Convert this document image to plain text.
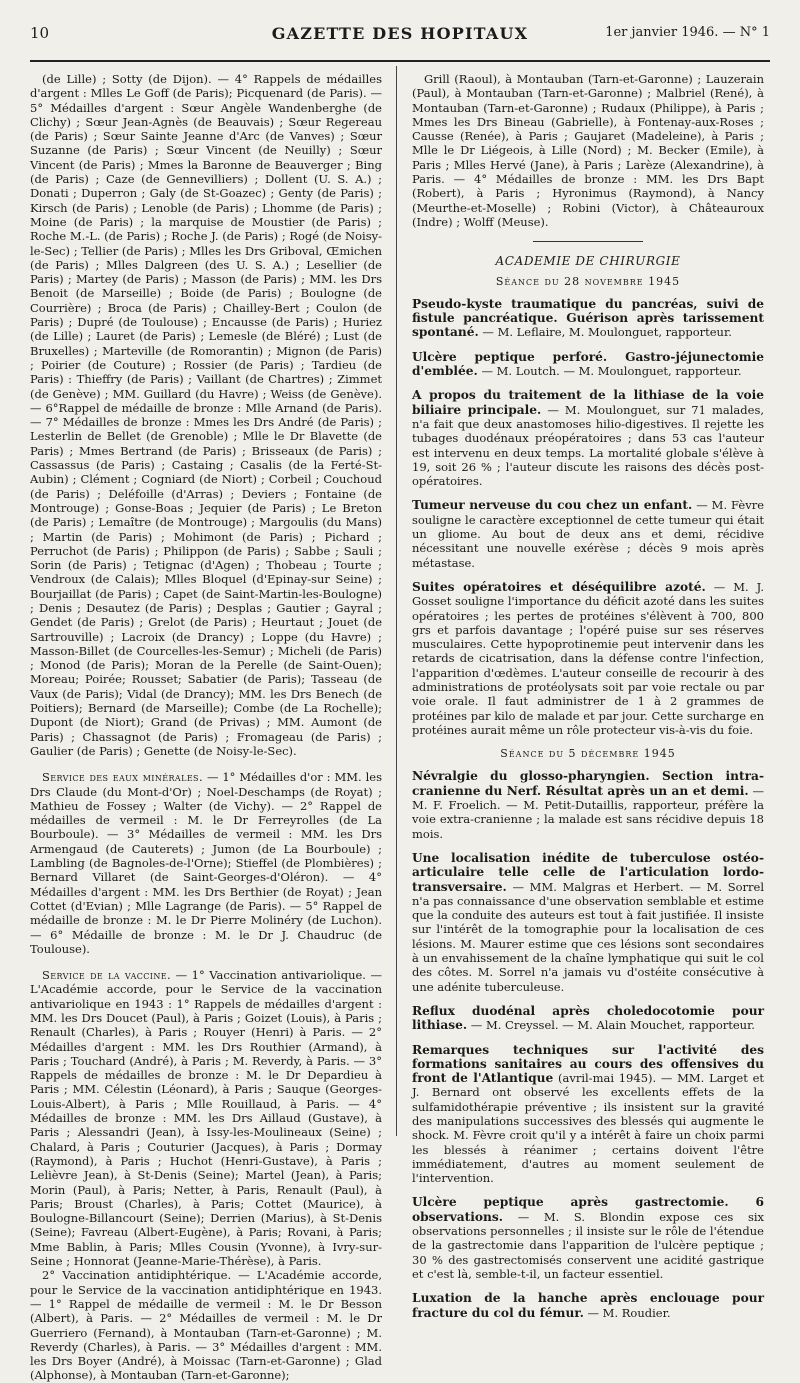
10	GAZETTE DES HOPITAUX	1er janvier 1946. — N° 1

(de Lille) ; Sotty (de Dijon). — 4° Rappels de médailles d'argent : Mlles Le Goff (de Paris); Picquenard (de Paris). — 5° Médailles d'argent : Sœur Angèle Wandenberghe (de Clichy) ; Sœur Jean-Agnès (de Beauvais) ; Sœur Regereau (de Paris) ; Sœur Sainte Jeanne d'Arc (de Vanves) ; Sœur Suzanne (de Paris) ; Sœur Vincent (de Neuilly) ; Sœur Vincent (de Paris) ; Mmes la Baronne de Beauverger ; Bing (de Paris) ; Caze (de Gennevilliers) ; Dollent (U. S. A.) ; Donati ; Duperron ; Galy (de St-Goazec) ; Genty (de Paris) ; Kirsch (de Paris) ; Lenoble (de Paris) ; Lhomme (de Paris) ; Moine (de Paris) ; la marquise de Moustier (de Paris) ; Roche M.-L. (de Paris) ; Roche J. (de Paris) ; Rogé (de Noisy-le-Sec) ; Tellier (de Paris) ; Mlles les Drs Griboval, Œmichen (de Paris) ; Mlles Dalgreen (des U. S. A.) ; Lesellier (de Paris) ; Martey (de Paris) ; Masson (de Paris) ; MM. les Drs Benoit (de Marseille) ; Boide (de Paris) ; Boulogne (de Courrière) ; Broca (de Paris) ; Chailley-Bert ; Coulon (de Paris) ; Dupré (de Toulouse) ; Encausse (de Paris) ; Huriez (de Lille) ; Lauret (de Paris) ; Lemesle (de Bléré) ; Lust (de Bruxelles) ; Marteville (de Romorantin) ; Mignon (de Paris) ; Poirier (de Couture) ; Rossier (de Paris) ; Tardieu (de Paris) : Thieffry (de Paris) ; Vaillant (de Chartres) ; Zimmet (de Genève) ; MM. Guillard (du Havre) ; Weiss (de Genève). — 6°Rappel de médaille de bronze : Mlle Arnand (de Paris). — 7° Médailles de bronze : Mmes les Drs André (de Paris) ; Lesterlin de Bellet (de Grenoble) ; Mlle le Dr Blavette (de Paris) ; Mmes Bertrand (de Paris) ; Brisseaux (de Paris) ; Cassassus (de Paris) ; Castaing ; Casalis (de la Ferté-St-Aubin) ; Clément ; Cogniard (de Niort) ; Corbeil ; Couchoud (de Paris) ; Deléfoille (d'Arras) ; Deviers ; Fontaine (de Montrouge) ; Gonse-Boas ; Jequier (de Paris) ; Le Breton (de Paris) ; Lemaître (de Montrouge) ; Margoulis (du Mans) ; Martin (de Paris) ; Mohimont (de Paris) ; Pichard ; Perruchot (de Paris) ; Philippon (de Paris) ; Sabbe ; Sauli ; Sorin (de Paris) ; Tetignac (d'Agen) ; Thobeau ; Tourte ; Vendroux (de Calais); Mlles Bloquel (d'Epinay-sur Seine) ; Bourjaillat (de Paris) ; Capet (de Saint-Martin-les-Boulogne) ; Denis ; Desautez (de Paris) ; Desplas ; Gautier ; Gayral ; Gendet (de Paris) ; Grelot (de Paris) ; Heurtaut ; Jouet (de Sartrouville) ; Lacroix (de Drancy) ; Loppe (du Havre) ; Masson-Billet (de Courcelles-les-Semur) ; Micheli (de Paris) ; Monod (de Paris); Moran de la Perelle (de Saint-Ouen); Moreau; Poirée; Rousset; Sabatier (de Paris); Tasseau (de Vaux (de Paris); Vidal (de Drancy); MM. les Drs Benech (de Poitiers); Bernard (de Marseille); Combe (de La Rochelle); Dupont (de Niort); Grand (de Privas) ; MM. Aumont (de Paris) ; Chassagnot (de Paris) ; Fromageau (de Paris) ; Gaulier (de Paris) ; Genette (de Noisy-le-Sec).

Service des eaux minérales. — 1° Médailles d'or : MM. les Drs Claude (du Mont-d'Or) ; Noel-Deschamps (de Royat) ; Mathieu de Fossey ; Walter (de Vichy). — 2° Rappel de médailles de vermeil : M. le Dr Ferreyrolles (de La Bourboule). — 3° Médailles de vermeil : MM. les Drs Armengaud (de Cauterets) ; Jumon (de La Bourboule) ; Lambling (de Bagnoles-de-l'Orne); Stieffel (de Plombières) ; Bernard Villaret (de Saint-Georges-d'Oléron). — 4° Médailles d'argent : MM. les Drs Berthier (de Royat) ; Jean Cottet (d'Evian) ; Mlle Lagrange (de Paris). — 5° Rappel de médaille de bronze : M. le Dr Pierre Molinéry (de Luchon). — 6° Médaille de bronze : M. le Dr J. Chaudruc (de Toulouse).

Service de la vaccine. — 1° Vaccination antivariolique. — L'Académie accorde, pour le Service de la vaccination antivariolique en 1943 : 1° Rappels de médailles d'argent : MM. les Drs Doucet (Paul), à Paris ; Goizet (Louis), à Paris ; Renault (Charles), à Paris ; Rouyer (Henri) à Paris. — 2° Médailles d'argent : MM. les Drs Routhier (Armand), à Paris ; Touchard (André), à Paris ; M. Reverdy, à Paris. — 3° Rappels de médailles de bronze : M. le Dr Depardieu à Paris ; MM. Célestin (Léonard), à Paris ; Sauque (Georges-Louis-Albert), à Paris ; Mlle Rouillaud, à Paris. — 4° Médailles de bronze : MM. les Drs Aillaud (Gustave), à Paris ; Alessandri (Jean), à Issy-les-Moulineaux (Seine) ; Chalard, à Paris ; Couturier (Jacques), à Paris ; Dormay (Raymond), à Paris ; Huchot (Henri-Gustave), à Paris ; Lelièvre Jean), à St-Denis (Seine); Martel (Jean), à Paris; Morin (Paul), à Paris; Netter, à Paris, Renault (Paul), à Paris; Broust (Charles), à Paris; Cottet (Maurice), à Boulogne-Billancourt (Seine); Derrien (Marius), à St-Denis (Seine); Favreau (Albert-Eugène), à Paris; Rovani, à Paris; Mme Bablin, à Paris; Mlles Cousin (Yvonne), à Ivry-sur-Seine ; Honnorat (Jeanne-Marie-Thérèse), à Paris.

2° Vaccination antidiphtérique. — L'Académie accorde, pour le Service de la vaccination antidiphtérique en 1943. — 1° Rappel de médaille de vermeil : M. le Dr Besson (Albert), à Paris. — 2° Médailles de vermeil : M. le Dr Guerriero (Fernand), à Montauban (Tarn-et-Garonne) ; M. Reverdy (Charles), à Paris. — 3° Médailles d'argent : MM. les Drs Boyer (André), à Moissac (Tarn-et-Garonne) ; Glad (Alphonse), à Montauban (Tarn-et-Garonne);

Grill (Raoul), à Montauban (Tarn-et-Garonne) ; Lauzerain (Paul), à Montauban (Tarn-et-Garonne) ; Malbriel (René), à Montauban (Tarn-et-Garonne) ; Rudaux (Philippe), à Paris ; Mmes les Drs Bineau (Gabrielle), à Fontenay-aux-Roses ; Causse (Renée), à Paris ; Gaujaret (Madeleine), à Paris ; Mlle le Dr Liégeois, à Lille (Nord) ; M. Becker (Emile), à Paris ; Mlles Hervé (Jane), à Paris ; Larèze (Alexandrine), à Paris. — 4° Médailles de bronze : MM. les Drs Bapt (Robert), à Paris ; Hyronimus (Raymond), à Nancy (Meurthe-et-Moselle) ; Robini (Victor), à Châteauroux (Indre) ; Wolff (Meuse).

ACADEMIE DE CHIRURGIE
Séance du 28 novembre 1945

Pseudo-kyste traumatique du pancréas, suivi de fistule pancréatique. Guérison après tarissement spontané. — M. Leflaire, M. Moulonguet, rapporteur.

Ulcère peptique perforé. Gastro-jéjunectomie d'emblée. — M. Loutch. — M. Moulonguet, rapporteur.

A propos du traitement de la lithiase de la voie biliaire principale. — M. Moulonguet, sur 71 malades, n'a fait que deux anastomoses hilio-digestives. Il rejette les tubages duodénaux préopératoires ; dans 53 cas l'auteur est intervenu en deux temps. La mortalité globale s'élève à 19, soit 26 % ; l'auteur discute les raisons des décès post-opératoires.

Tumeur nerveuse du cou chez un enfant. — M. Fèvre souligne le caractère exceptionnel de cette tumeur qui était un gliome. Au bout de deux ans et demi, récidive nécessitant une nouvelle exérèse ; décès 9 mois après métastase.

Suites opératoires et déséquilibre azoté. — M. J. Gosset souligne l'importance du déficit azoté dans les suites opératoires ; les pertes de protéines s'élèvent à 700, 800 grs et parfois davantage ; l'opéré puise sur ses réserves musculaires. Cette hypoprotinemie peut intervenir dans les retards de cicatrisation, dans la défense contre l'infection, l'apparition d'œdèmes. L'auteur conseille de recourir à des administrations de protéolysats soit par voie rectale ou par voie orale. Il faut administrer de 1 à 2 grammes de protéines par kilo de malade et par jour. Cette surcharge en protéines aurait même un rôle protecteur vis-à-vis du foie.

Séance du 5 décembre 1945

Névralgie du glosso-pharyngien. Section intra-cranienne du Nerf. Résultat après un an et demi. — M. F. Froelich. — M. Petit-Dutaillis, rapporteur, préfère la voie extra-cranienne ; la malade est sans récidive depuis 18 mois.

Une localisation inédite de tuberculose ostéo-articulaire telle celle de l'articulation lordo-transversaire. — MM. Malgras et Herbert. — M. Sorrel n'a pas connaissance d'une observation semblable et estime que la conduite des auteurs est tout à fait justifiée. Il insiste sur l'intérêt de la tomographie pour la localisation de ces lésions. M. Maurer estime que ces lésions sont secondaires à un envahissement de la chaîne lymphatique qui suit le col des côtes. M. Sorrel n'a jamais vu d'ostéite consécutive à une adénite tuberculeuse.

Reflux duodénal après choledocotomie pour lithiase. — M. Creyssel. — M. Alain Mouchet, rapporteur.

Remarques techniques sur l'activité des formations sanitaires au cours des offensives du front de l'Atlantique (avril-mai 1945). — MM. Larget et J. Bernard ont observé les excellents effets de la sulfamidothérapie préventive ; ils insistent sur la gravité des manipulations successives des blessés qui augmente le shock. M. Fèvre croit qu'il y a intérêt à faire un choix parmi les blessés à réanimer ; certains doivent l'être immédiatement, d'autres au moment seulement de l'intervention.

Ulcère peptique après gastrectomie. 6 observations. — M. S. Blondin expose ces six observations personnelles ; il insiste sur le rôle de l'étendue de la gastrectomie dans l'apparition de l'ulcère peptique ; 30 % des gastrectomisés conservent une acidité gastrique et c'est là, semble-t-il, un facteur essentiel.

Luxation de la hanche après enclouage pour fracture du col du fémur. — M. Roudier.
